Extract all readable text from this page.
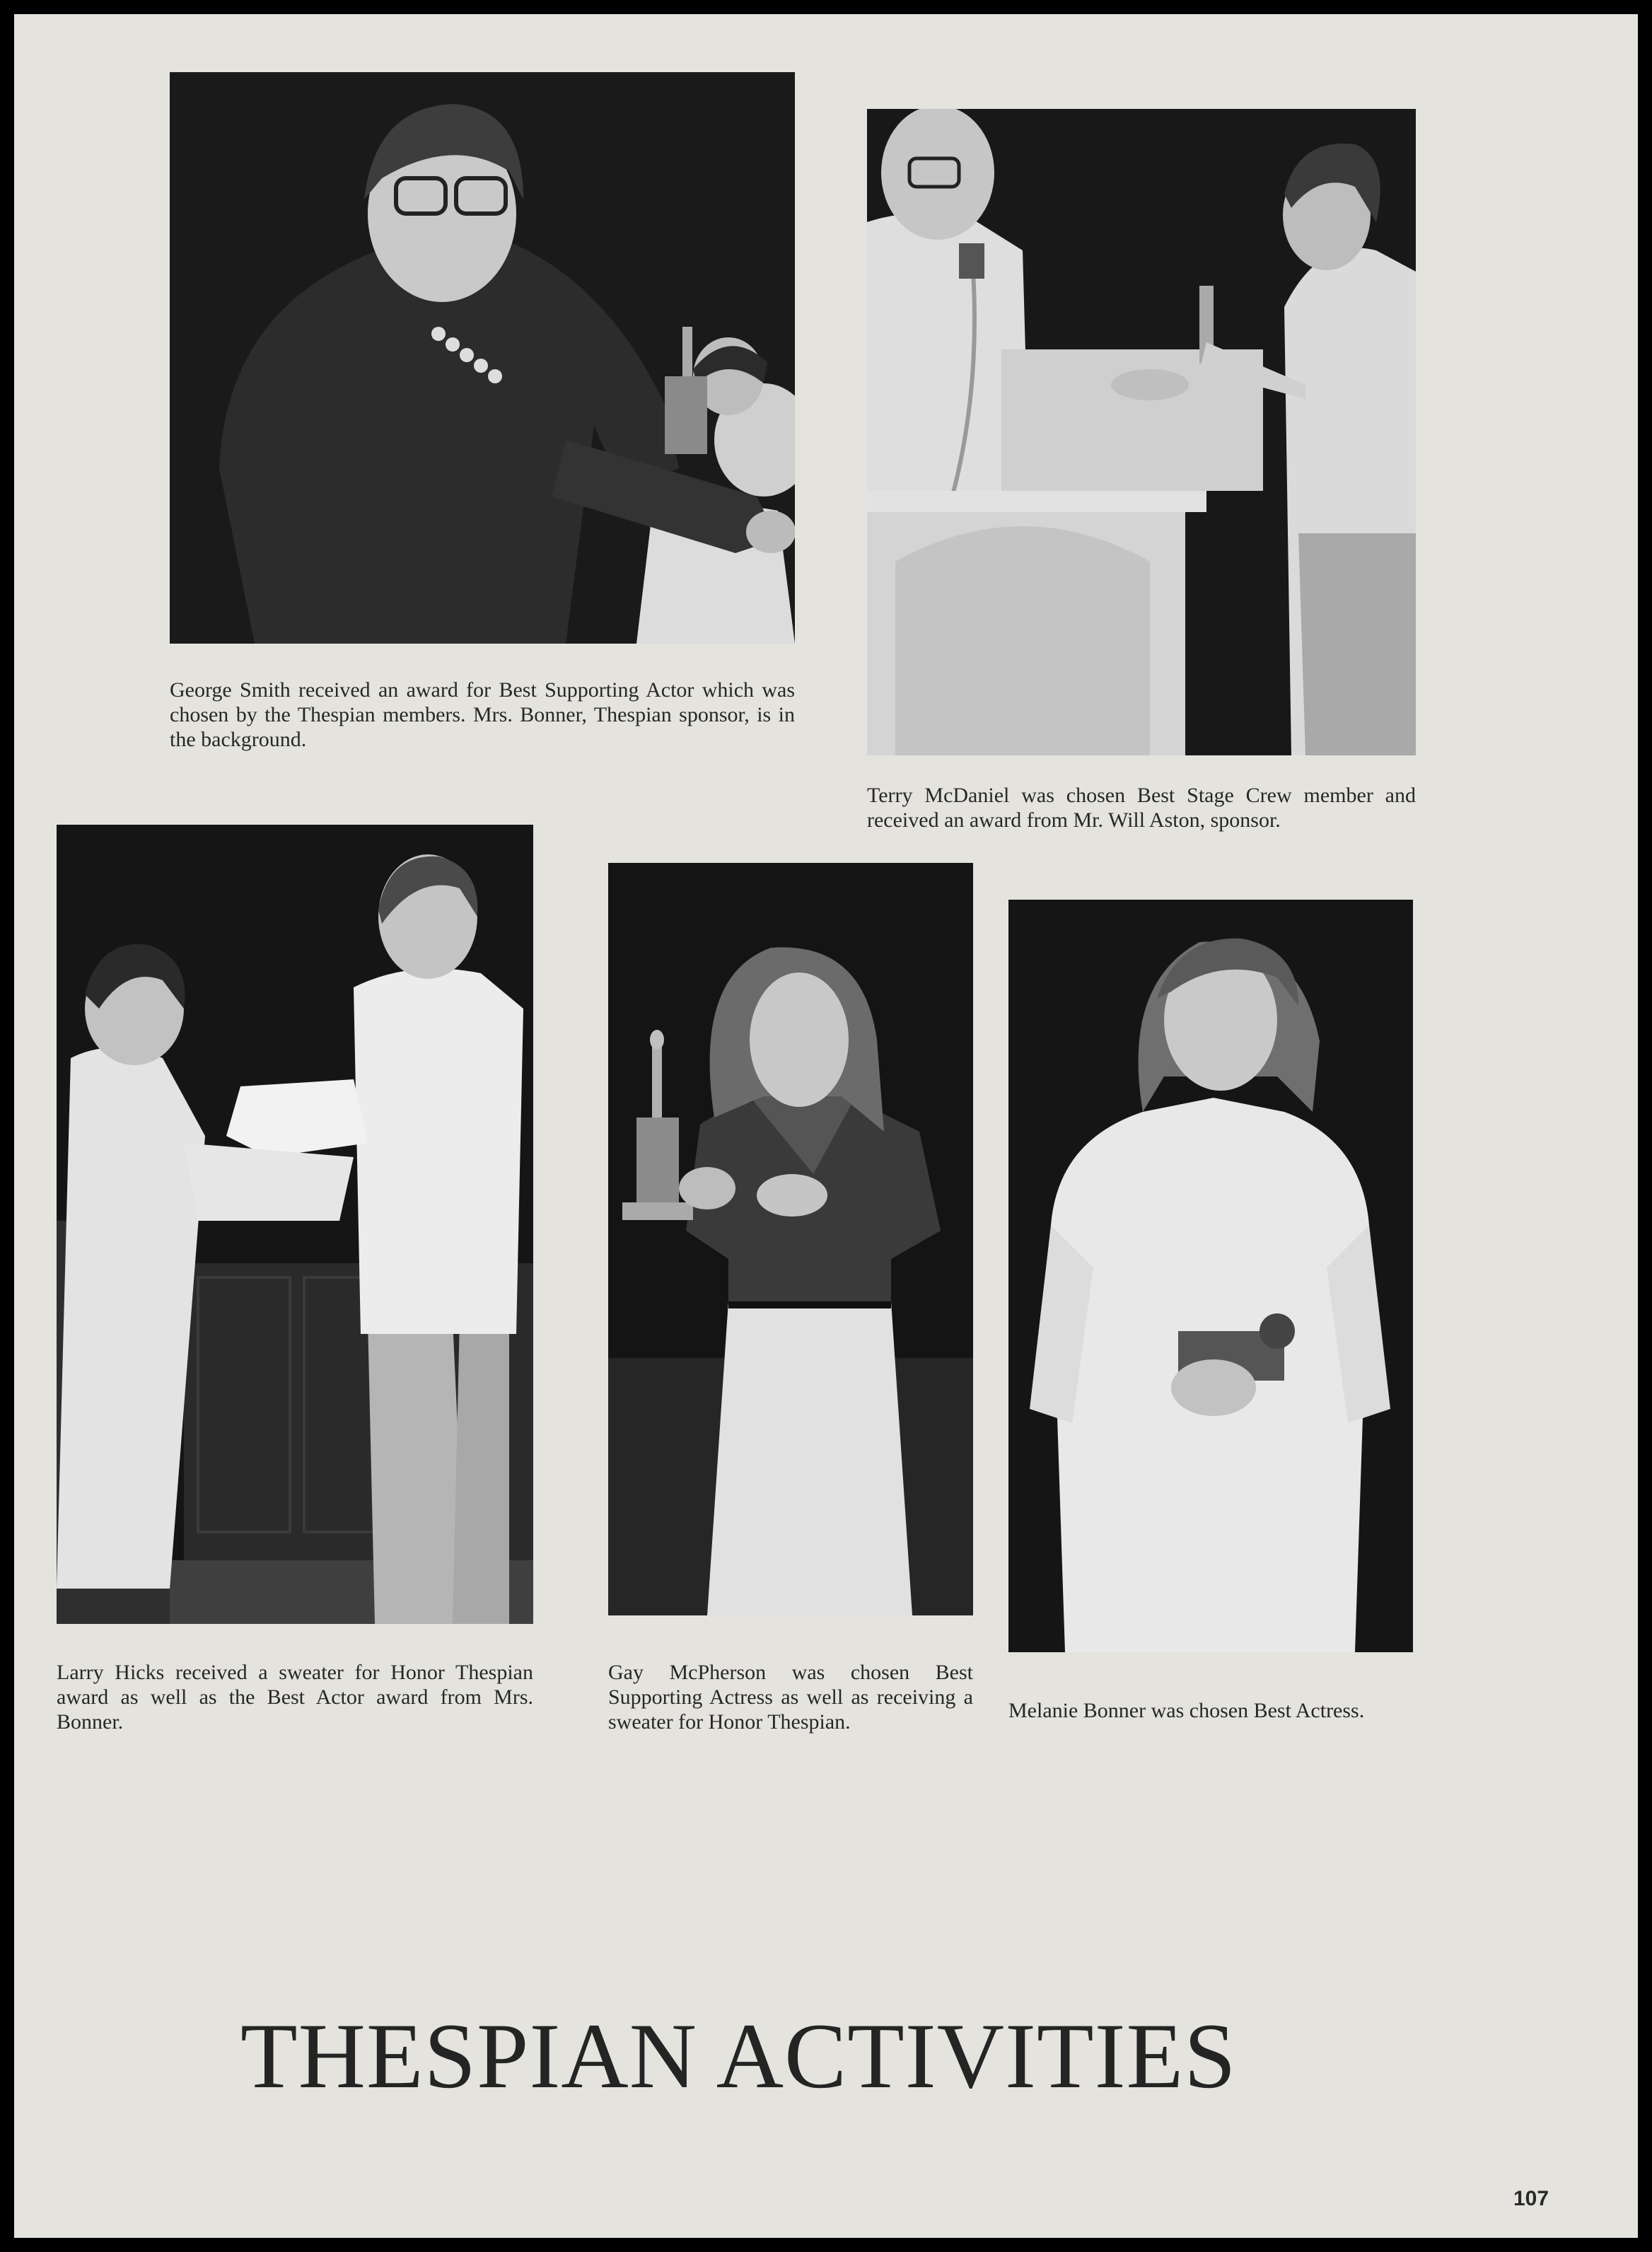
George Smith received an award for Best Supporting Actor which was chosen by the Thespian members. Mrs. Bonner, Thespian sponsor, is in the background.

Terry McDaniel was chosen Best Stage Crew member and received an award from Mr. Will Aston, sponsor.

Larry Hicks received a sweater for Honor Thespian award as well as the Best Actor award from Mrs. Bonner.

Gay McPherson was chosen Best Supporting Actress as well as receiving a sweater for Honor Thespian.	Melanie Bonner was chosen Best Actress.

THESPIAN ACTIVITIES
107
